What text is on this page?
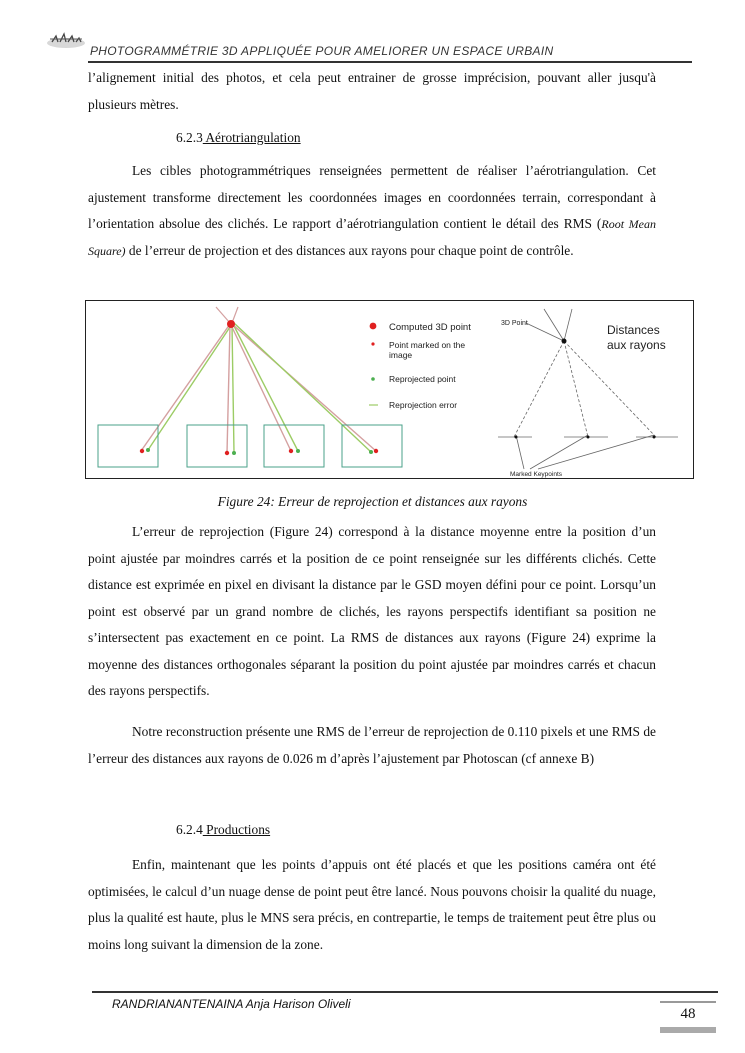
PHOTOGRAMMÉTRIE 3D APPLIQUÉE POUR AMELIORER UN ESPACE URBAIN
l’alignement initial des photos, et cela peut entrainer de grosse imprécision, pouvant aller jusqu'à plusieurs mètres.
6.2.3 Aérotriangulation
Les cibles photogrammétriques renseignées permettent de réaliser l’aérotriangulation. Cet ajustement transforme directement les coordonnées images en coordonnées terrain, correspondant à l’orientation absolue des clichés. Le rapport d’aérotriangulation contient le détail des RMS (Root Mean Square) de l’erreur de projection et des distances aux rayons pour chaque point de contrôle.
Computed 3D point
Point marked on the
image
Reprojected point
Reprojection error
3D Point	Distances
aux rayons
Marked Keypoints
Figure 24: Erreur de reprojection et distances aux rayons
L’erreur de reprojection (Figure 24) correspond à la distance moyenne entre la position d’un point ajustée par moindres carrés et la position de ce point renseignée sur les différents clichés. Cette distance est exprimée en pixel en divisant la distance par le GSD moyen défini pour ce point. Lorsqu’un point est observé par un grand nombre de clichés, les rayons perspectifs identifiant sa position ne s’intersectent pas exactement en ce point. La RMS de distances aux rayons (Figure 24) exprime la moyenne des distances orthogonales séparant la position du point ajustée par moindres carrés et chacun des rayons perspectifs.
Notre reconstruction présente une RMS de l’erreur de reprojection de 0.110 pixels et une RMS de l’erreur des distances aux rayons de 0.026 m d’après l’ajustement par Photoscan (cf annexe B)
6.2.4 Productions
Enfin, maintenant que les points d’appuis ont été placés et que les positions caméra ont été optimisées, le calcul d’un nuage dense de point peut être lancé. Nous pouvons choisir la qualité du nuage, plus la qualité est haute, plus le MNS sera précis, en contrepartie, le temps de traitement peut être plus ou moins long suivant la dimension de la zone.
RANDRIANANTENAINA Anja Harison Oliveli
48
